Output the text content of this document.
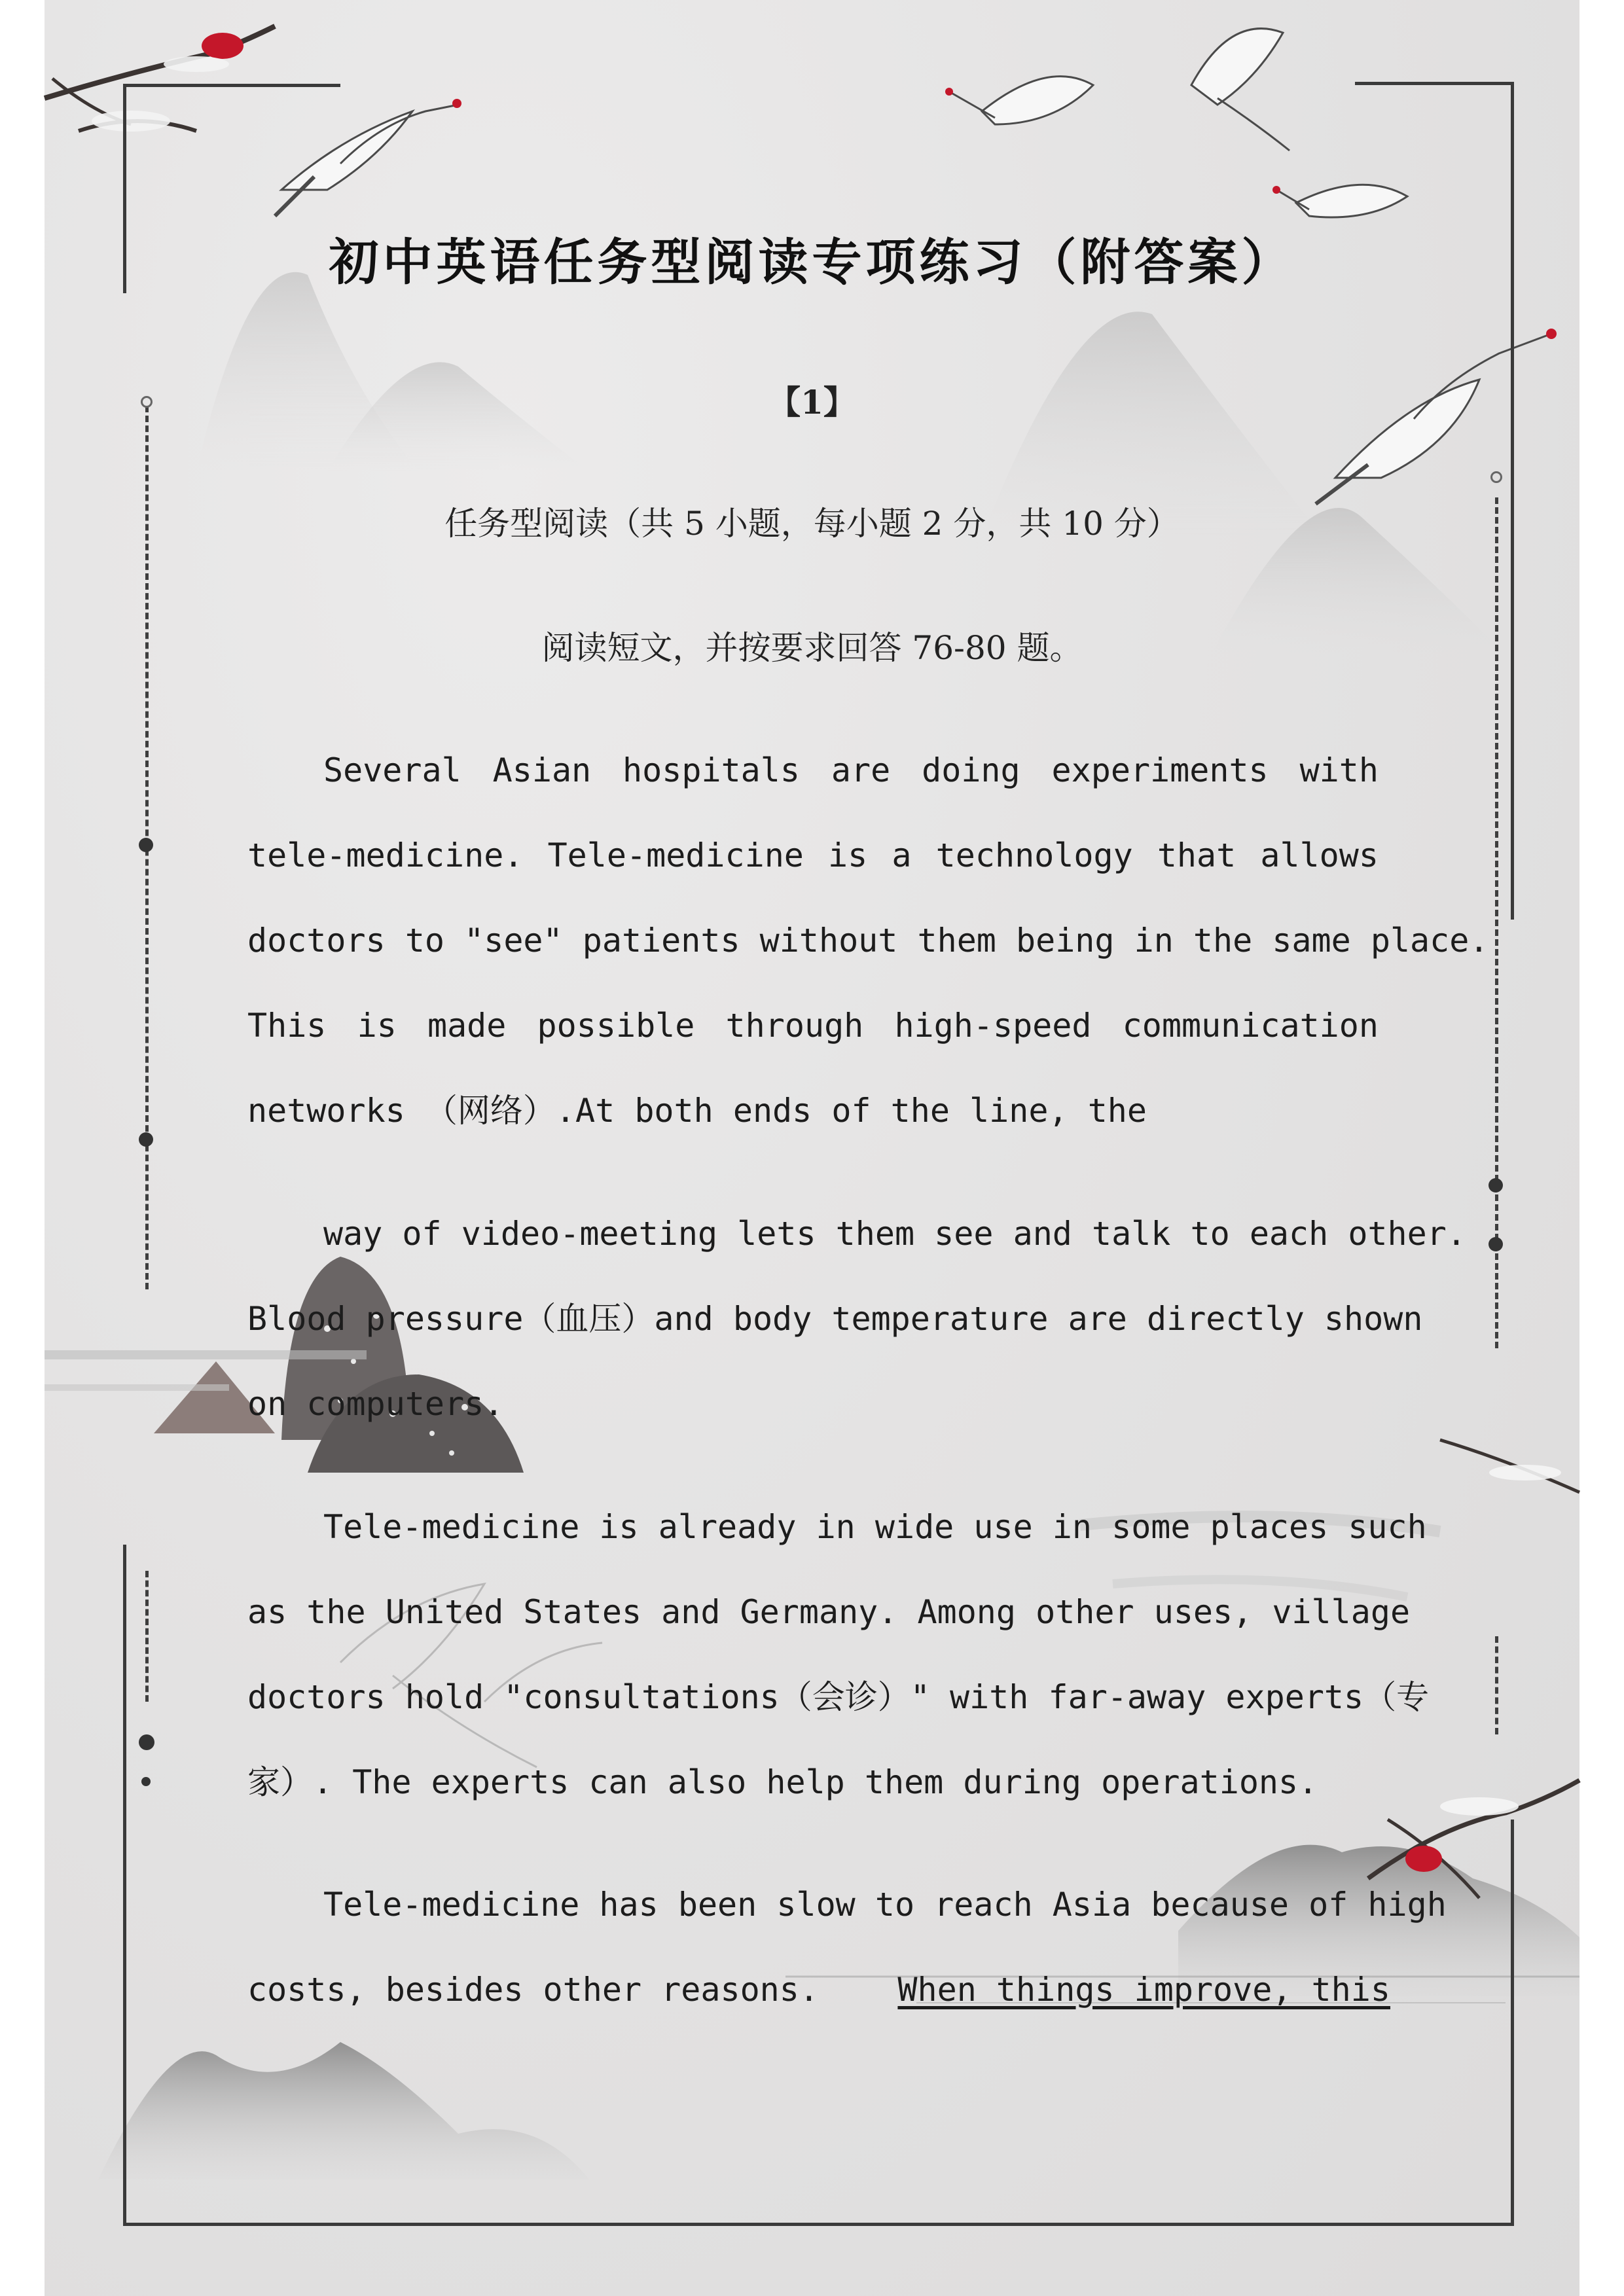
初中英语任务型阅读专项练习（附答案）
【1】
任务型阅读（共 5 小题，每小题 2 分，共 10 分）
阅读短文，并按要求回答 76-80 题。
Several Asian hospitals are doing experiments with
tele-medicine. Tele-medicine is a technology that allows
doctors to "see" patients without them being in the same place.
This is made possible through high-speed communication
networks （网络）.At both ends of the line, the
way of video-meeting lets them see and talk to each other.
Blood pressure（血压）and body temperature are directly shown
on computers.
Tele-medicine is already in wide use in some places such
as the United States and Germany. Among other uses, village
doctors hold "consultations（会诊）" with far-away experts（专
家）. The experts can also help them during operations.
Tele-medicine has been slow to reach Asia because of high
costs, besides other reasons. When things improve, this
